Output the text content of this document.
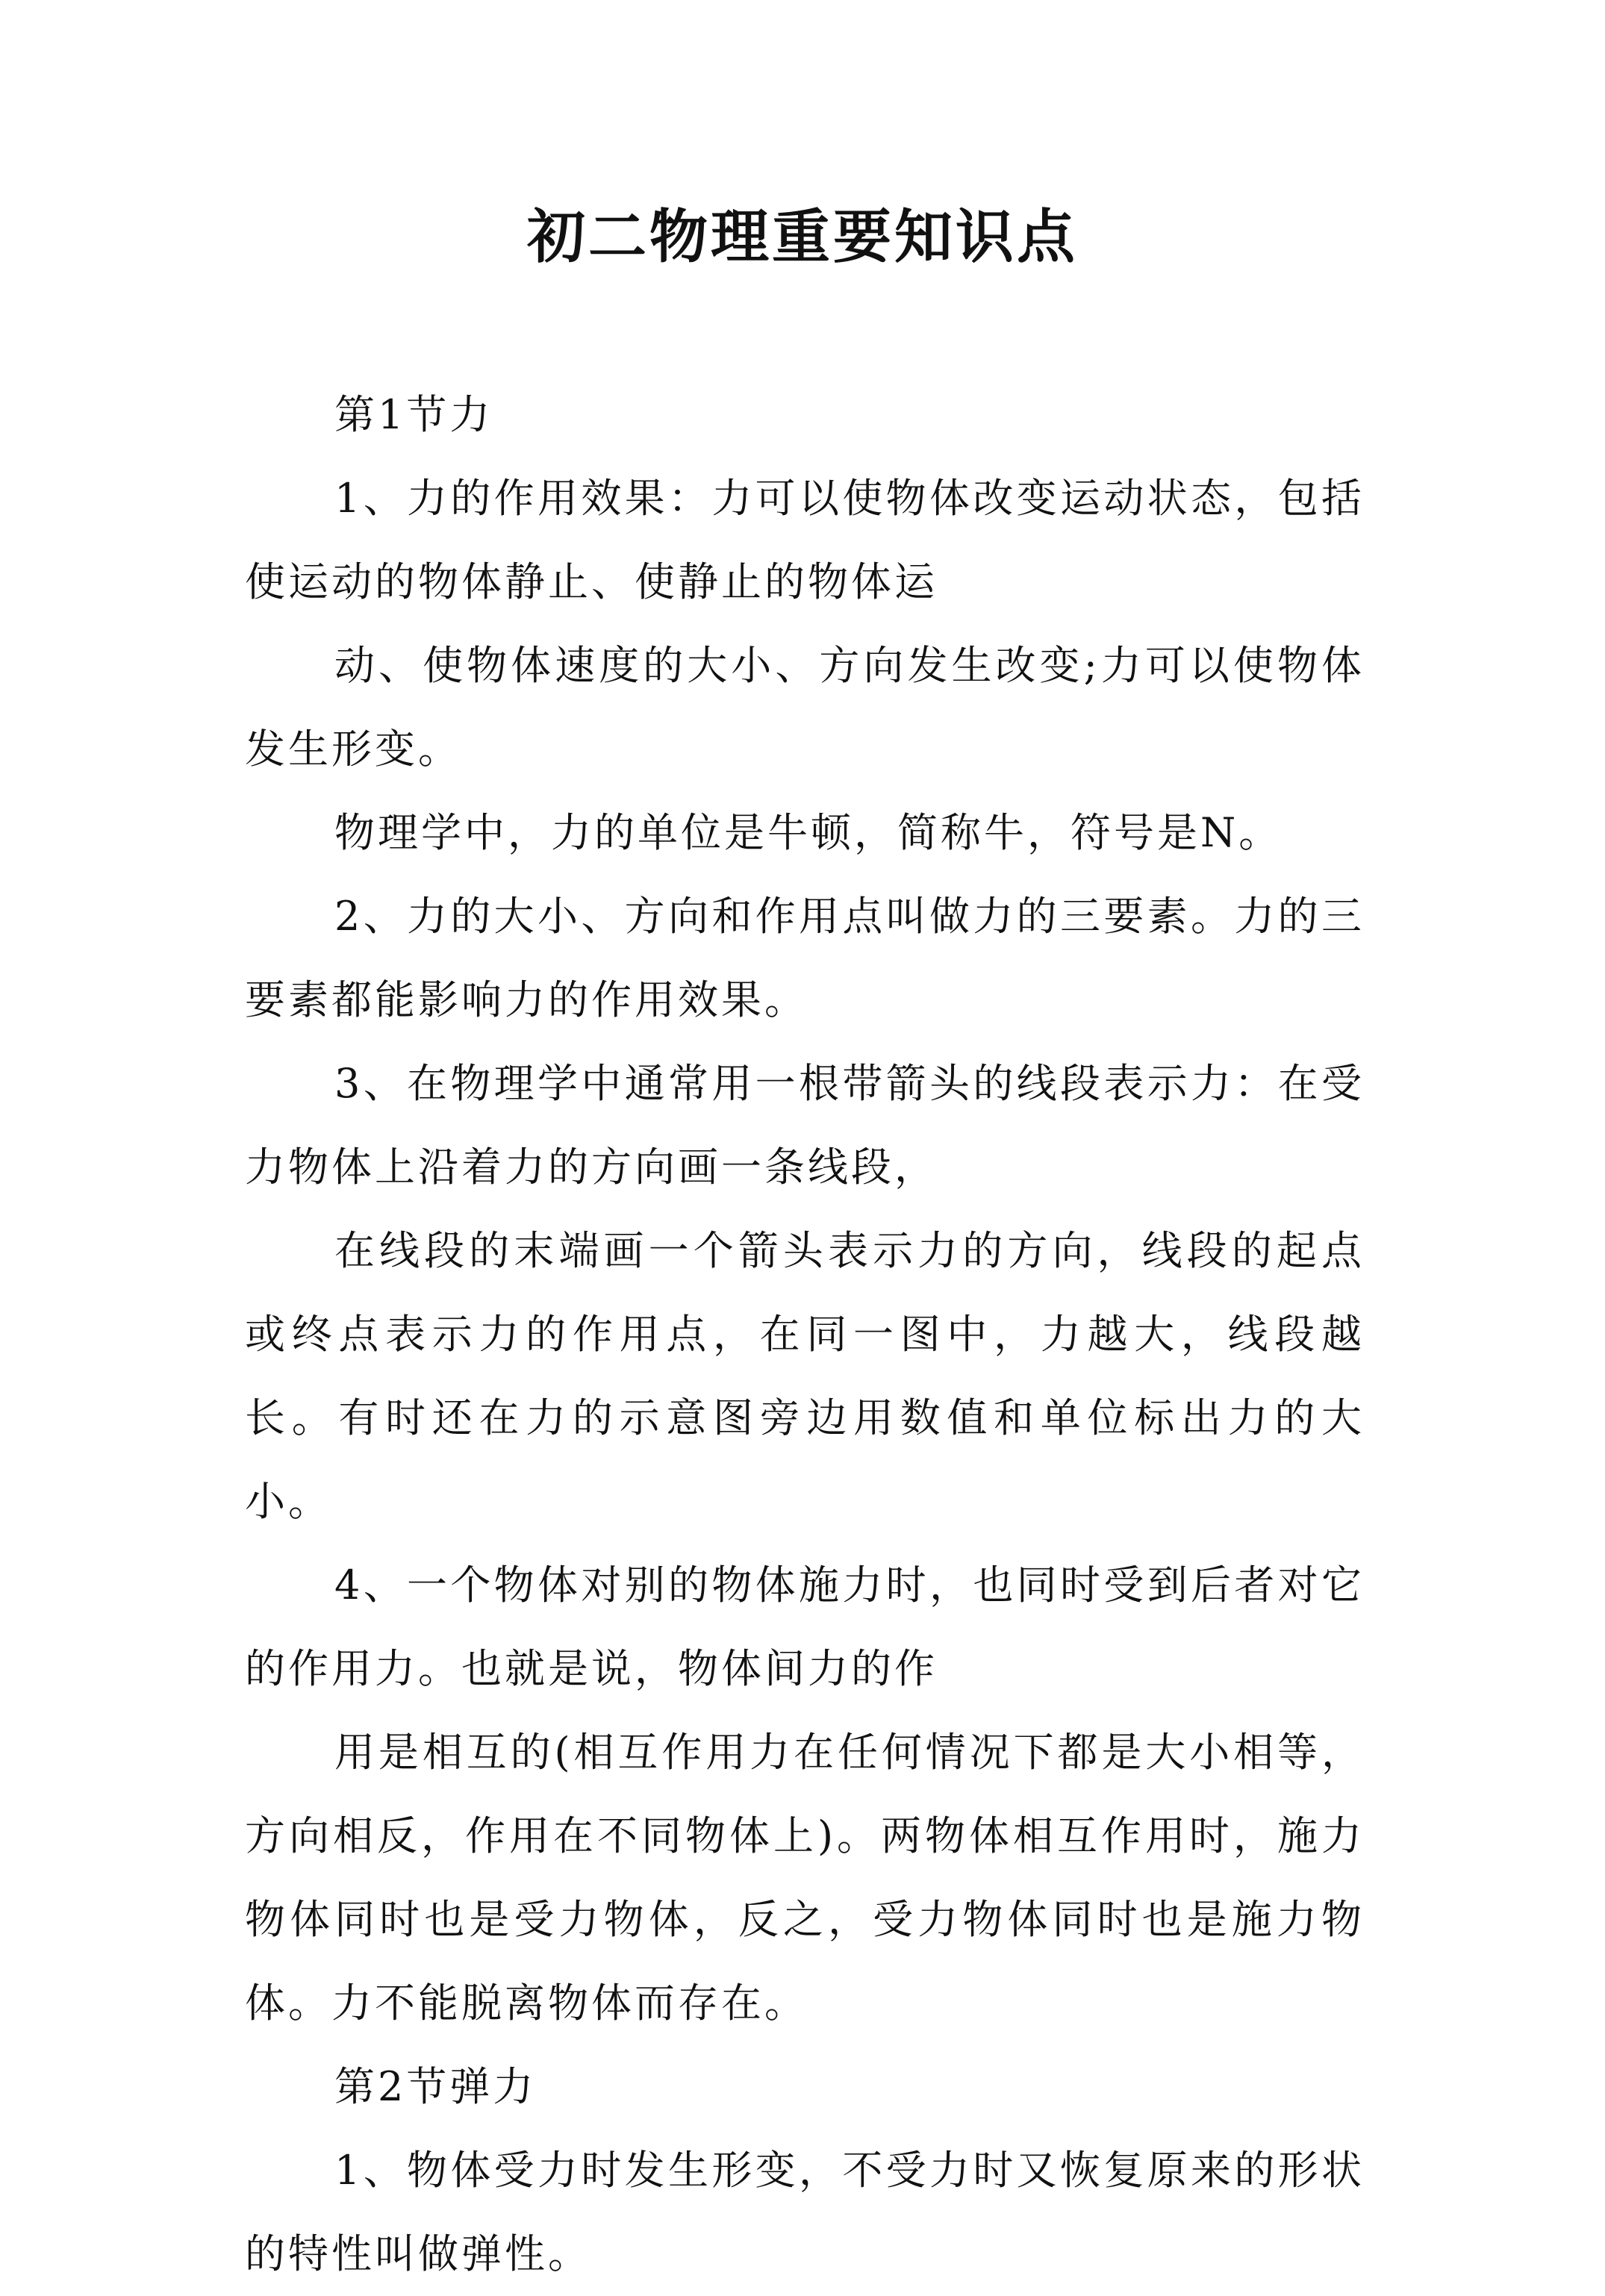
初二物理重要知识点

第1节力

1、力的作用效果：力可以使物体改变运动状态，包括使运动的物体静止、使静止的物体运

动、使物体速度的大小、方向发生改变;力可以使物体发生形变。

物理学中，力的单位是牛顿，简称牛，符号是N。

2、力的大小、方向和作用点叫做力的三要素。力的三要素都能影响力的作用效果。

3、在物理学中通常用一根带箭头的线段表示力：在受力物体上沿着力的方向画一条线段，

在线段的末端画一个箭头表示力的方向，线段的起点或终点表示力的作用点，在同一图中，力越大，线段越长。有时还在力的示意图旁边用数值和单位标出力的大小。

4、一个物体对别的物体施力时，也同时受到后者对它的作用力。也就是说，物体间力的作

用是相互的(相互作用力在任何情况下都是大小相等，方向相反，作用在不同物体上)。两物体相互作用时，施力物体同时也是受力物体，反之，受力物体同时也是施力物体。力不能脱离物体而存在。

第2节弹力

1、物体受力时发生形变，不受力时又恢复原来的形状的特性叫做弹性。
